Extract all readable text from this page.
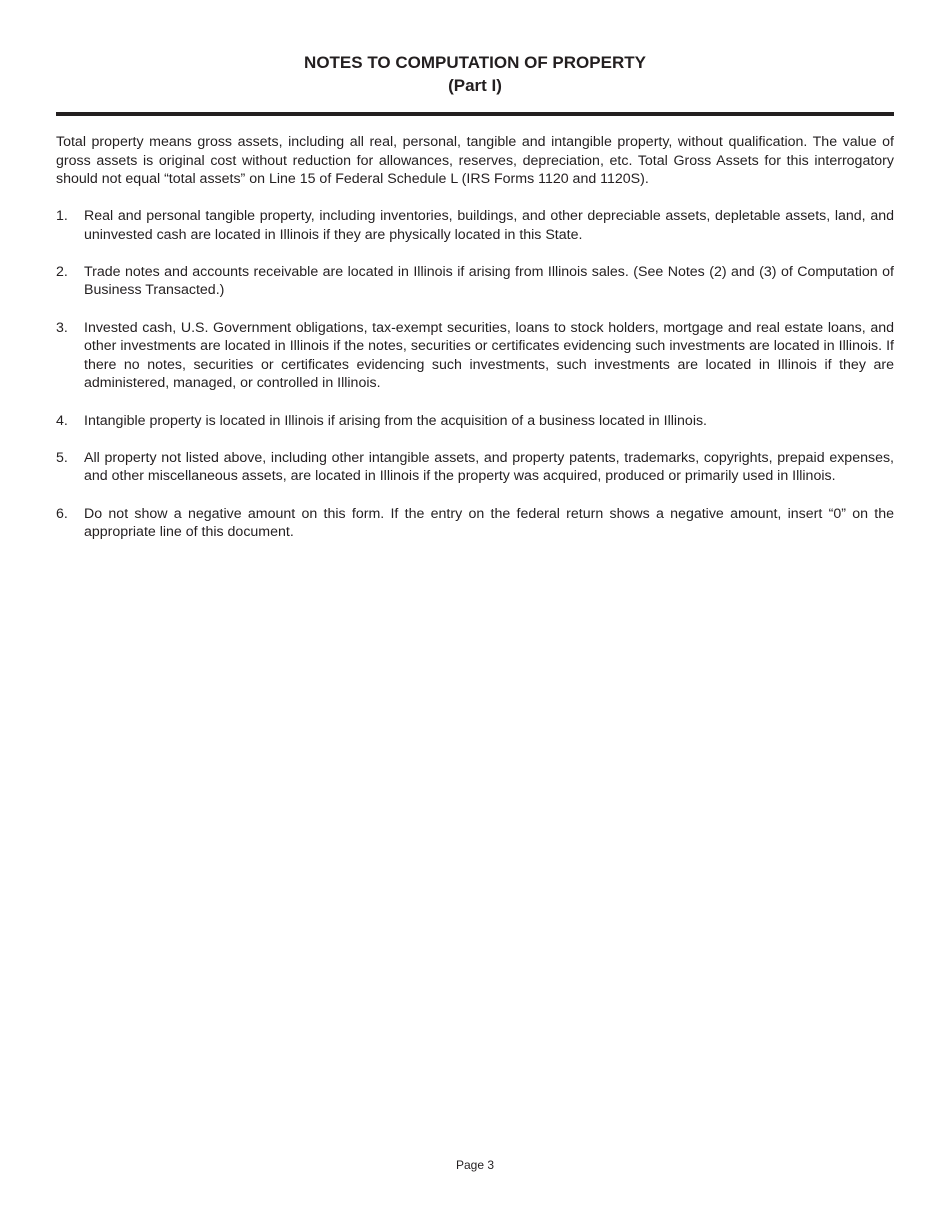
NOTES TO COMPUTATION OF PROPERTY
(Part I)

Total property means gross assets, including all real, personal, tangible and intangible property, without qualification. The value of gross assets is original cost without reduction for allowances, reserves, depreciation, etc. Total Gross Assets for this interrogatory should not equal “total assets” on Line 15 of Federal Schedule L (IRS Forms 1120 and 1120S).

1.	Real and personal tangible property, including inventories, buildings, and other depreciable assets, depletable assets, land, and uninvested cash are located in Illinois if they are physically located in this State.
2.	Trade notes and accounts receivable are located in Illinois if arising from Illinois sales. (See Notes (2) and (3) of Computation of Business Transacted.)
3.	Invested cash, U.S. Government obligations, tax-exempt securities, loans to stock holders, mortgage and real estate loans, and other investments are located in Illinois if the notes, securities or certificates evidencing such investments are located in Illinois. If there no notes, securities or certificates evidencing such investments, such investments are located in Illinois if they are administered, managed, or controlled in Illinois.
4.	Intangible property is located in Illinois if arising from the acquisition of a business located in Illinois.
5.	All property not listed above, including other intangible assets, and property patents, trademarks, copyrights, prepaid expenses, and other miscellaneous assets, are located in Illinois if the property was acquired, produced or primarily used in Illinois.
6.	Do not show a negative amount on this form. If the entry on the federal return shows a negative amount, insert “0” on the appropriate line of this document.
Page 3
